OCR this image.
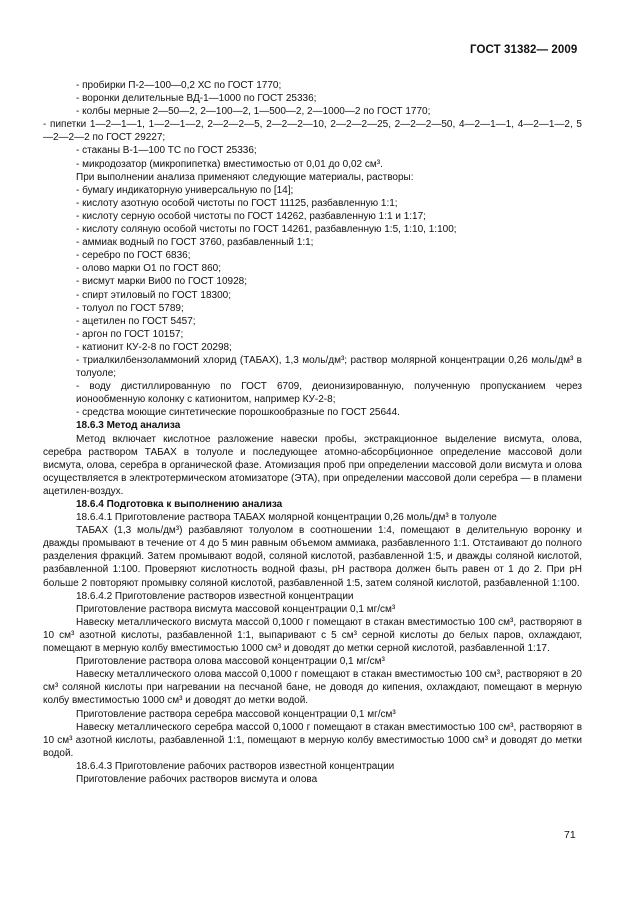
ГОСТ 31382— 2009

- пробирки П-2—100—0,2 ХС по ГОСТ 1770;

- воронки делительные ВД-1—1000 по ГОСТ 25336;

- колбы мерные 2—50—2, 2—100—2, 1—500—2, 2—1000—2 по ГОСТ 1770;

- пипетки 1—2—1—1, 1—2—1—2, 2—2—2—5, 2—2—2—10, 2—2—2—25, 2—2—2—50, 4—2—1—1, 4—2—1—2, 5—2—2—2 по ГОСТ 29227;

- стаканы В-1—100 ТС по ГОСТ 25336;

- микродозатор (микропипетка) вместимостью от 0,01 до 0,02 см³.

При выполнении анализа применяют следующие материалы, растворы:

- бумагу индикаторную универсальную по [14];

- кислоту азотную особой чистоты по ГОСТ 11125, разбавленную 1:1;

- кислоту серную особой чистоты по ГОСТ 14262, разбавленную 1:1 и 1:17;

- кислоту соляную особой чистоты по ГОСТ 14261, разбавленную 1:5, 1:10, 1:100;

- аммиак водный по ГОСТ 3760, разбавленный 1:1;

- серебро по ГОСТ 6836;

- олово марки О1 по ГОСТ 860;

- висмут марки Ви00 по ГОСТ 10928;

- спирт этиловый по ГОСТ 18300;

- толуол по ГОСТ 5789;

- ацетилен по ГОСТ 5457;

- аргон по ГОСТ 10157;

- катионит КУ-2-8 по ГОСТ 20298;

- триалкилбензоламмоний хлорид (ТАБАХ), 1,3 моль/дм³; раствор молярной концентрации 0,26 моль/дм³ в толуоле;

- воду дистиллированную по ГОСТ 6709, деионизированную, полученную пропусканием через ионообменную колонку с катионитом, например КУ-2-8;

- средства моющие синтетические порошкообразные по ГОСТ 25644.

18.6.3 Метод анализа

Метод включает кислотное разложение навески пробы, экстракционное выделение висмута, олова, серебра раствором ТАБАХ в толуоле и последующее атомно-абсорбционное определение массовой доли висмута, олова, серебра в органической фазе. Атомизация проб при определении массовой доли висмута и олова осуществляется в электротермическом атомизаторе (ЭТА), при определении массовой доли серебра — в пламени ацетилен-воздух.

18.6.4 Подготовка к выполнению анализа

18.6.4.1 Приготовление раствора ТАБАХ молярной концентрации 0,26 моль/дм³ в толуоле

ТАБАХ (1,3 моль/дм³) разбавляют толуолом в соотношении 1:4, помещают в делительную воронку и дважды промывают в течение от 4 до 5 мин равным объемом аммиака, разбавленного 1:1. Отстаивают до полного разделения фракций. Затем промывают водой, соляной кислотой, разбавленной 1:5, и дважды соляной кислотой, разбавленной 1:100. Проверяют кислотность водной фазы, pH раствора должен быть равен от 1 до 2. При pH больше 2 повторяют промывку соляной кислотой, разбавленной 1:5, затем соляной кислотой, разбавленной 1:100.

18.6.4.2 Приготовление растворов известной концентрации

Приготовление раствора висмута массовой концентрации 0,1 мг/см³

Навеску металлического висмута массой 0,1000 г помещают в стакан вместимостью 100 см³, растворяют в 10 см³ азотной кислоты, разбавленной 1:1, выпаривают с 5 см³ серной кислоты до белых паров, охлаждают, помещают в мерную колбу вместимостью 1000 см³ и доводят до метки серной кислотой, разбавленной 1:17.

Приготовление раствора олова массовой концентрации 0,1 мг/см³

Навеску металлического олова массой 0,1000 г помещают в стакан вместимостью 100 см³, растворяют в 20 см³ соляной кислоты при нагревании на песчаной бане, не доводя до кипения, охлаждают, помещают в мерную колбу вместимостью 1000 см³ и доводят до метки водой.

Приготовление раствора серебра массовой концентрации 0,1 мг/см³

Навеску металлического серебра массой 0,1000 г помещают в стакан вместимостью 100 см³, растворяют в 10 см³ азотной кислоты, разбавленной 1:1, помещают в мерную колбу вместимостью 1000 см³ и доводят до метки водой.

18.6.4.3 Приготовление рабочих растворов известной концентрации

Приготовление рабочих растворов висмута и олова

71
